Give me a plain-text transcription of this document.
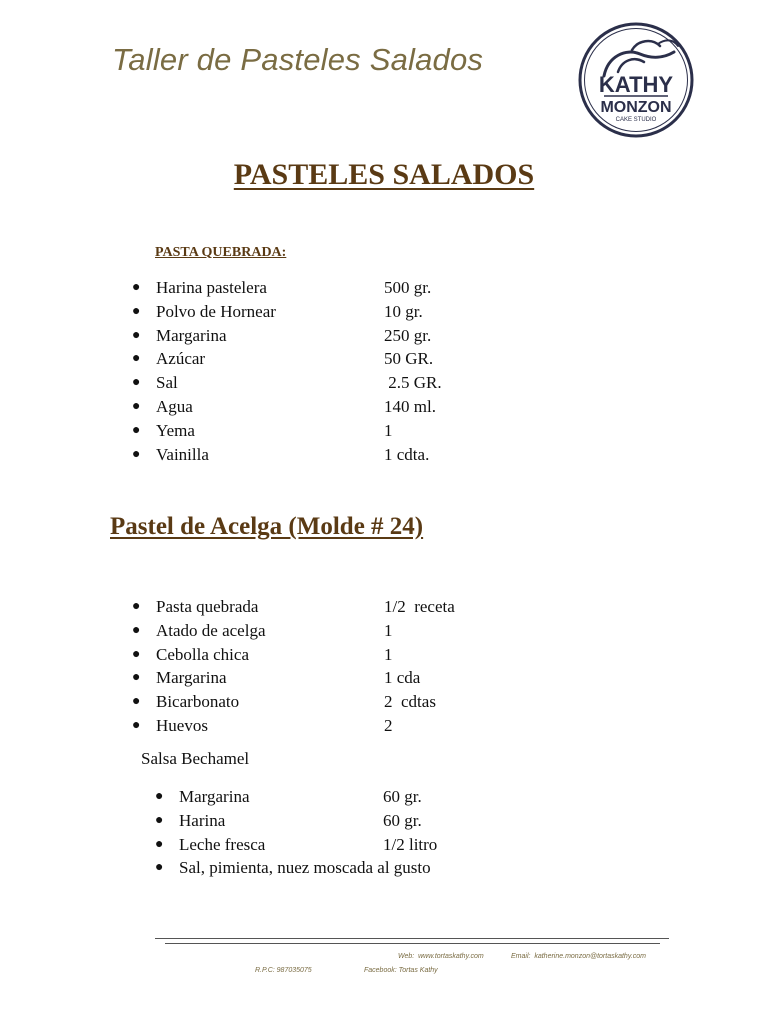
Taller de Pasteles Salados
KATHY
MONZON
CAKE STUDIO
PASTELES SALADOS
PASTA QUEBRADA:
● Harina pastelera	500 gr.
● Polvo de Hornear	10 gr.
● Margarina	250 gr.
● Azúcar	50 GR.
● Sal	2.5 GR.
● Agua	140 ml.
● Yema	1
● Vainilla	1 cdta.
Pastel de Acelga (Molde # 24)
● Pasta quebrada	1/2  receta
● Atado de acelga	1
● Cebolla chica	1
● Margarina	1 cda
● Bicarbonato	2  cdtas
● Huevos	2
Salsa Bechamel
● Margarina	60 gr.
● Harina	60 gr.
● Leche fresca	1/2 litro
● Sal, pimienta, nuez moscada al gusto
Web:  www.tortaskathy.com	Email:  katherine.monzon@tortaskathy.com
R.P.C: 987035075	Facebook: Tortas Kathy
